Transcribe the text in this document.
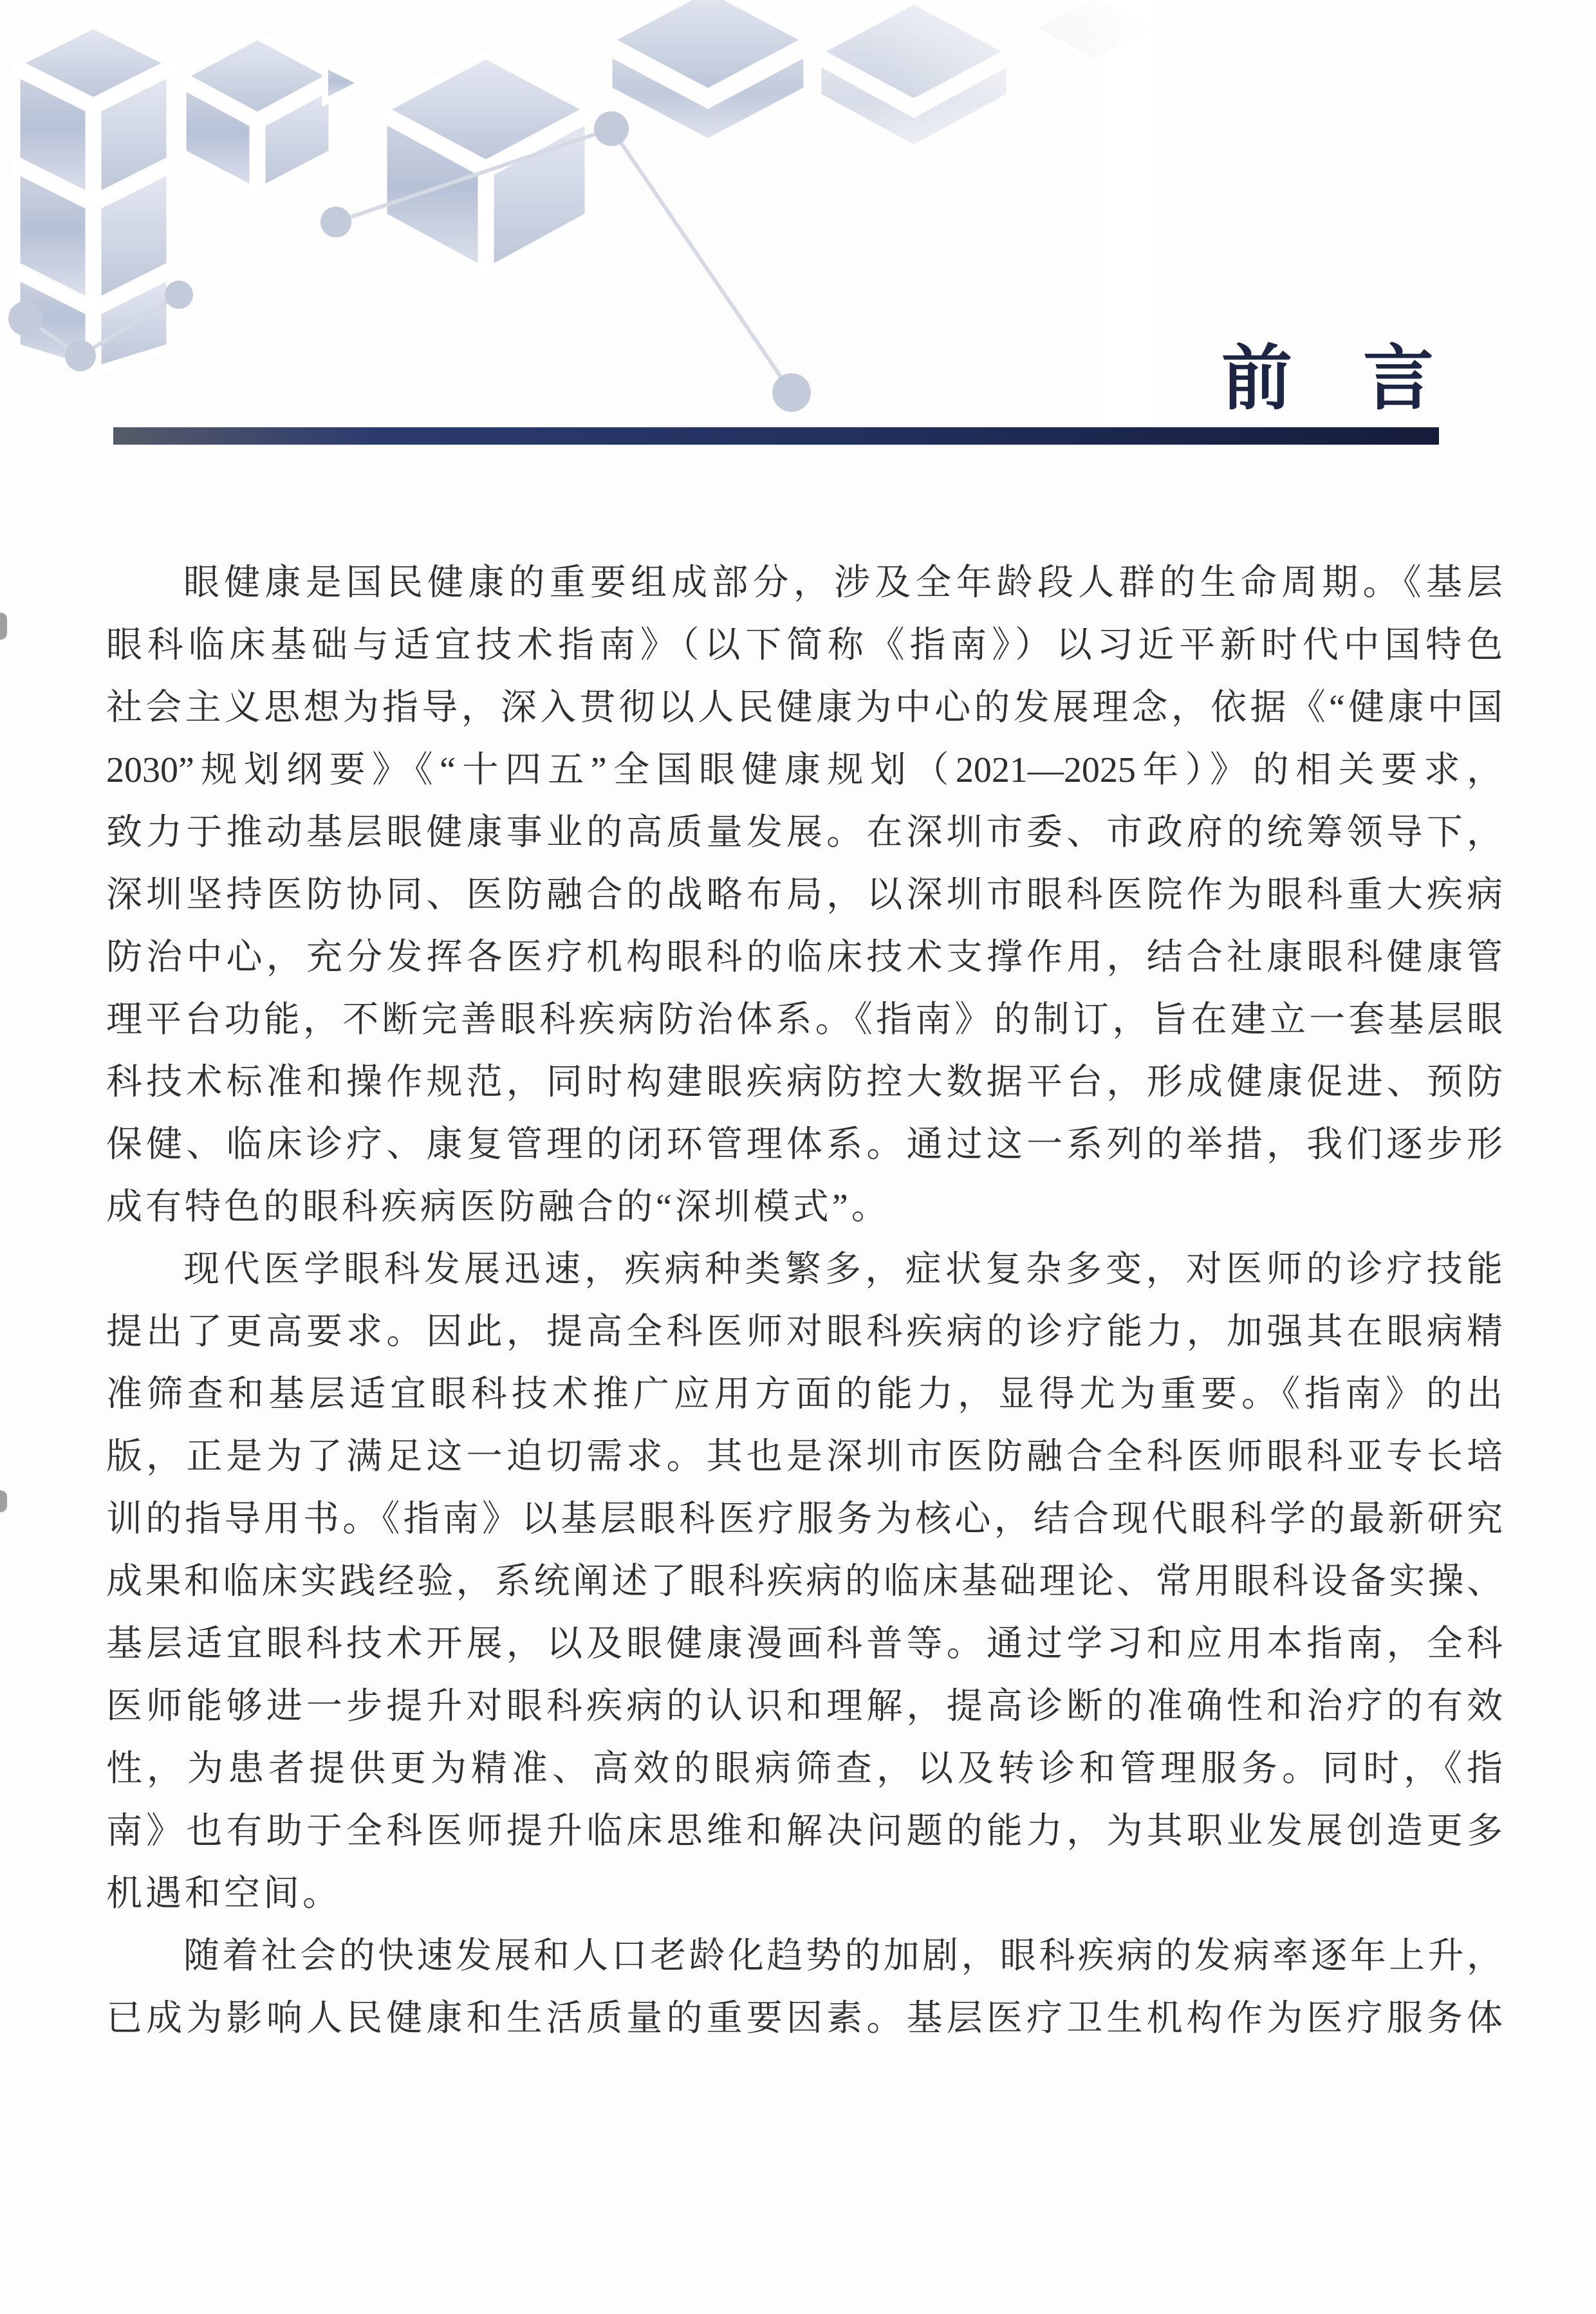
前　言
眼健康是国民健康的重要组成部分，涉及全年龄段人群的生命周期。《基层
眼科临床基础与适宜技术指南》（以下简称《指南》）以习近平新时代中国特色
社会主义思想为指导，深入贯彻以人民健康为中心的发展理念，依据《“健康中国
2030”规划纲要》《“十四五”全国眼健康规划（2021—2025年）》的相关要求，
致力于推动基层眼健康事业的高质量发展。在深圳市委、市政府的统筹领导下，
深圳坚持医防协同、医防融合的战略布局，以深圳市眼科医院作为眼科重大疾病
防治中心，充分发挥各医疗机构眼科的临床技术支撑作用，结合社康眼科健康管
理平台功能，不断完善眼科疾病防治体系。《指南》的制订，旨在建立一套基层眼
科技术标准和操作规范，同时构建眼疾病防控大数据平台，形成健康促进、预防
保健、临床诊疗、康复管理的闭环管理体系。通过这一系列的举措，我们逐步形
成有特色的眼科疾病医防融合的“深圳模式”。
现代医学眼科发展迅速，疾病种类繁多，症状复杂多变，对医师的诊疗技能
提出了更高要求。因此，提高全科医师对眼科疾病的诊疗能力，加强其在眼病精
准筛查和基层适宜眼科技术推广应用方面的能力，显得尤为重要。《指南》的出
版，正是为了满足这一迫切需求。其也是深圳市医防融合全科医师眼科亚专长培
训的指导用书。《指南》以基层眼科医疗服务为核心，结合现代眼科学的最新研究
成果和临床实践经验，系统阐述了眼科疾病的临床基础理论、常用眼科设备实操、
基层适宜眼科技术开展，以及眼健康漫画科普等。通过学习和应用本指南，全科
医师能够进一步提升对眼科疾病的认识和理解，提高诊断的准确性和治疗的有效
性，为患者提供更为精准、高效的眼病筛查，以及转诊和管理服务。同时，《指
南》也有助于全科医师提升临床思维和解决问题的能力，为其职业发展创造更多
机遇和空间。
随着社会的快速发展和人口老龄化趋势的加剧，眼科疾病的发病率逐年上升，
已成为影响人民健康和生活质量的重要因素。基层医疗卫生机构作为医疗服务体
